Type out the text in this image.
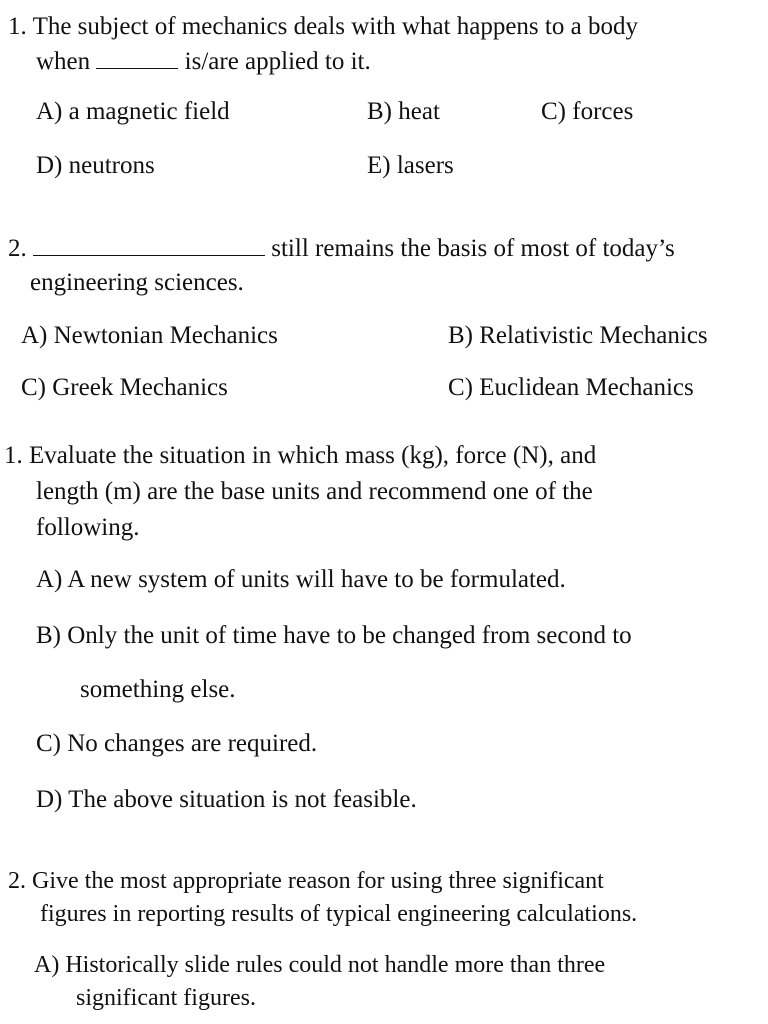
1. The subject of mechanics deals with what happens to a body
when	is/are applied to it.
A) a magnetic field	B) heat	C) forces
D) neutrons	E) lasers
2.	still remains the basis of most of today’s
engineering sciences.
A) Newtonian Mechanics	B) Relativistic Mechanics
C) Greek Mechanics	C) Euclidean Mechanics
1. Evaluate the situation in which mass (kg), force (N), and
length (m) are the base units and recommend one of the
following.
A) A new system of units will have to be formulated.
B) Only the unit of time have to be changed from second to
something else.
C) No changes are required.
D) The above situation is not feasible.
2. Give the most appropriate reason for using three significant
figures in reporting results of typical engineering calculations.
A) Historically slide rules could not handle more than three
significant figures.
